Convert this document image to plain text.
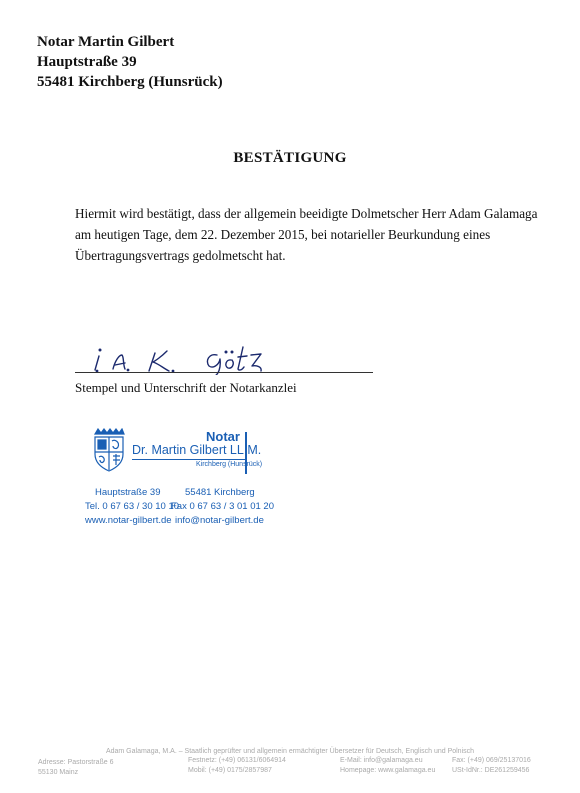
Notar Martin Gilbert
Hauptstraße 39
55481 Kirchberg (Hunsrück)
BESTÄTIGUNG
Hiermit wird bestätigt, dass der allgemein beeidigte Dolmetscher Herr Adam Galamaga am heutigen Tage, dem 22. Dezember 2015, bei notarieller Beurkundung eines Übertragungsvertrags gedolmetscht hat.
Stempel und Unterschrift der Notarkanzlei
Notar
Dr. Martin Gilbert LL.M.
Kirchberg (Hunsrück)
Hauptstraße 39	55481 Kirchberg
Tel. 0 67 63 / 30 10 10
Fax 0 67 63 / 3 01 01 20
www.notar-gilbert.de info@notar-gilbert.de
Adam Galamaga, M.A. – Staatlich geprüfter und allgemein ermächtigter Übersetzer für Deutsch, Englisch und Polnisch
Adresse: Pastorstraße 6
55130 Mainz
Festnetz: (+49) 06131/6064914
Mobil: (+49) 0175/2857987
E-Mail: info@galamaga.eu
Homepage: www.galamaga.eu
Fax: (+49) 069/25137016
USt-IdNr.: DE261259456
